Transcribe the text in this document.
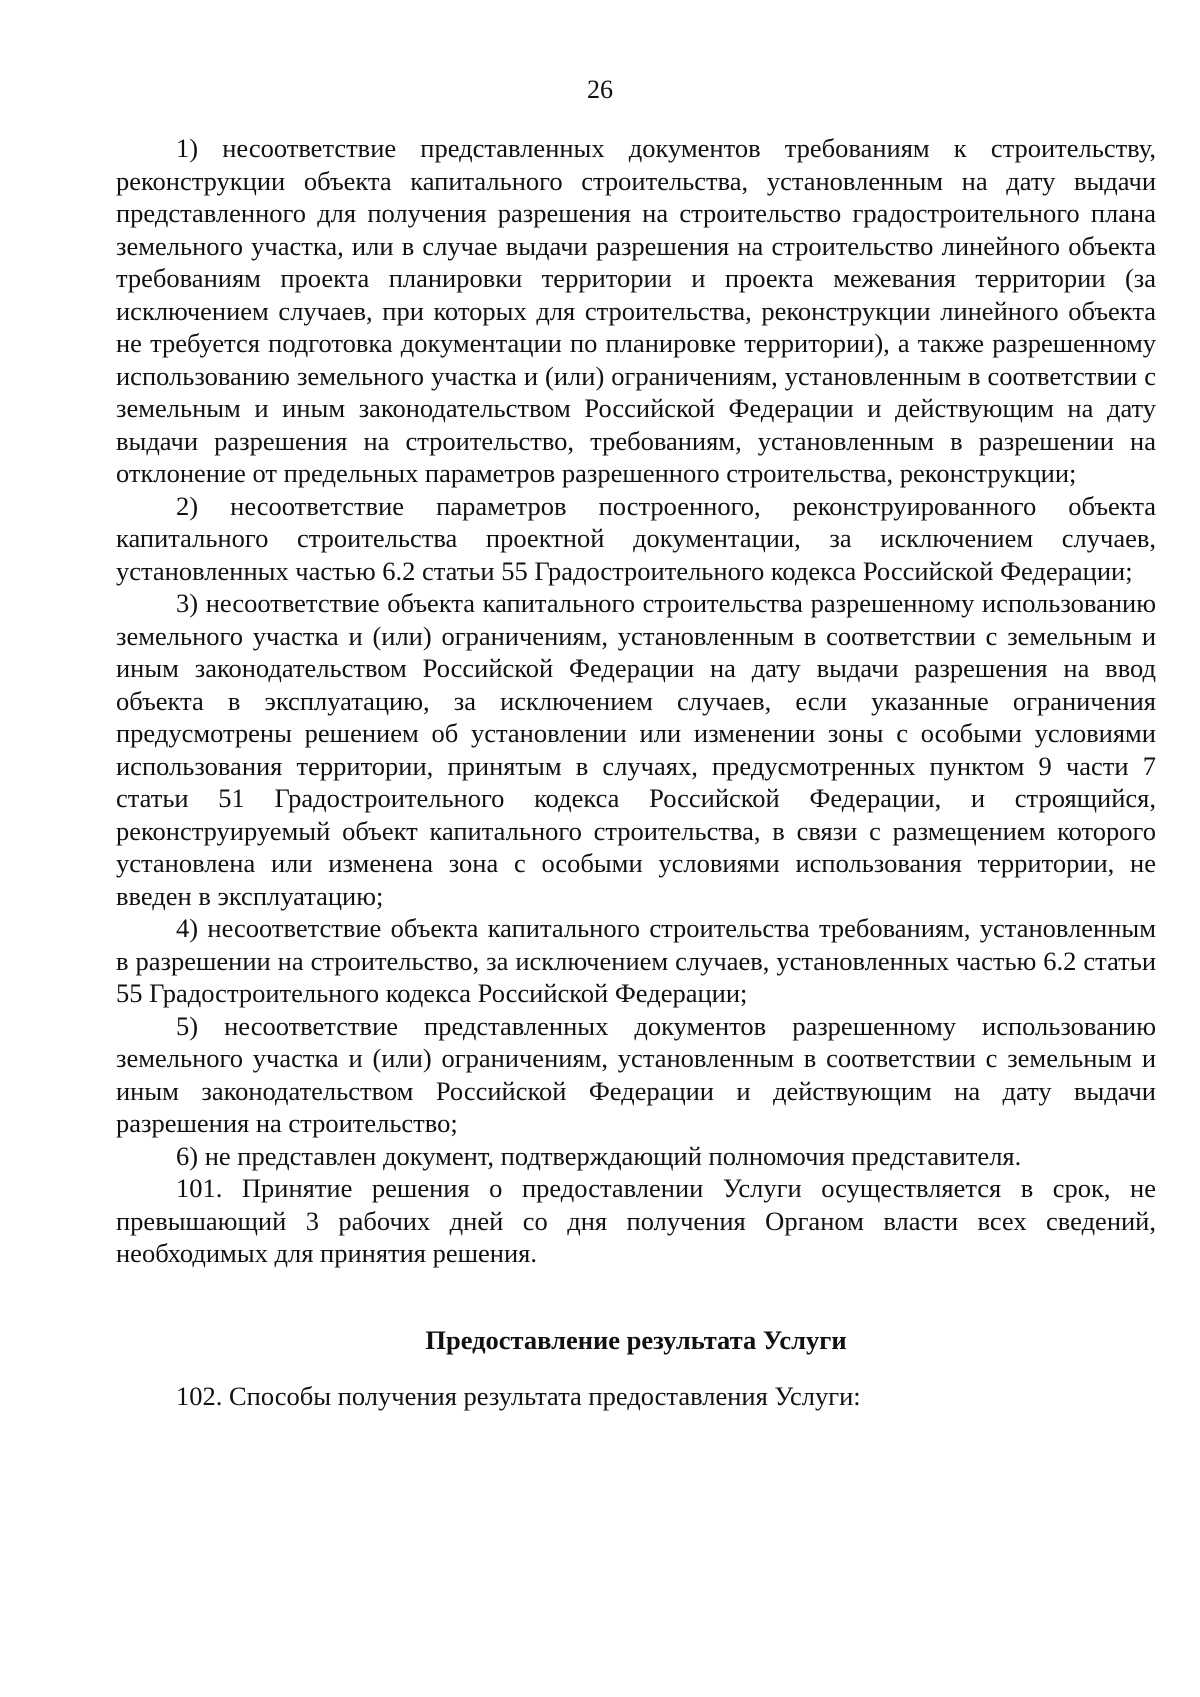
26

1) несоответствие представленных документов требованиям к строительству, реконструкции объекта капитального строительства, установленным на дату выдачи представленного для получения разрешения на строительство градостроительного плана земельного участка, или в случае выдачи разрешения на строительство линейного объекта требованиям проекта планировки территории и проекта межевания территории (за исключением случаев, при которых для строительства, реконструкции линейного объекта не требуется подготовка документации по планировке территории), а также разрешенному использованию земельного участка и (или) ограничениям, установленным в соответствии с земельным и иным законодательством Российской Федерации и действующим на дату выдачи разрешения на строительство, требованиям, установленным в разрешении на отклонение от предельных параметров разрешенного строительства, реконструкции;

2) несоответствие параметров построенного, реконструированного объекта капитального строительства проектной документации, за исключением случаев, установленных частью 6.2 статьи 55 Градостроительного кодекса Российской Федерации;

3) несоответствие объекта капитального строительства разрешенному использованию земельного участка и (или) ограничениям, установленным в соответствии с земельным и иным законодательством Российской Федерации на дату выдачи разрешения на ввод объекта в эксплуатацию, за исключением случаев, если указанные ограничения предусмотрены решением об установлении или изменении зоны с особыми условиями использования территории, принятым в случаях, предусмотренных пунктом 9 части 7 статьи 51 Градостроительного кодекса Российской Федерации, и строящийся, реконструируемый объект капитального строительства, в связи с размещением которого установлена или изменена зона с особыми условиями использования территории, не введен в эксплуатацию;

4) несоответствие объекта капитального строительства требованиям, установленным в разрешении на строительство, за исключением случаев, установленных частью 6.2 статьи 55 Градостроительного кодекса Российской Федерации;

5) несоответствие представленных документов разрешенному использованию земельного участка и (или) ограничениям, установленным в соответствии с земельным и иным законодательством Российской Федерации и действующим на дату выдачи разрешения на строительство;

6) не представлен документ, подтверждающий полномочия представителя.

101. Принятие решения о предоставлении Услуги осуществляется в срок, не превышающий 3 рабочих дней со дня получения Органом власти всех сведений, необходимых для принятия решения.

Предоставление результата Услуги

102. Способы получения результата предоставления Услуги:
